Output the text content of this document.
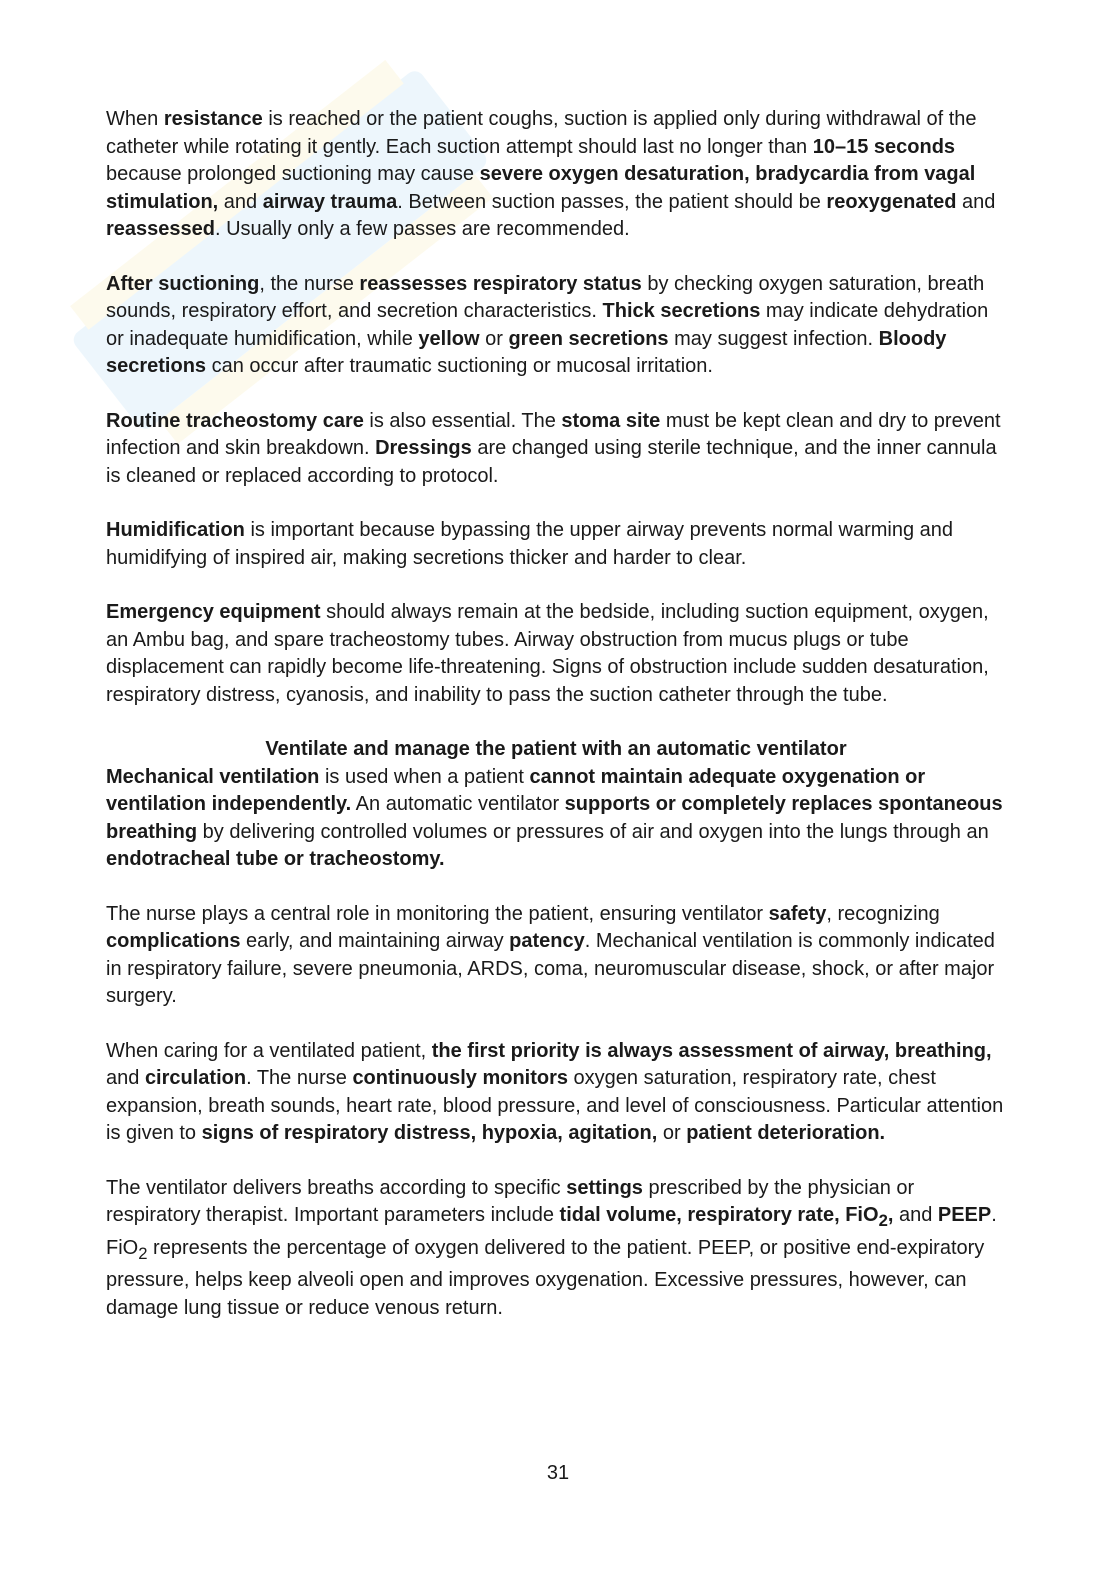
When resistance is reached or the patient coughs, suction is applied only during withdrawal of the catheter while rotating it gently. Each suction attempt should last no longer than 10–15 seconds because prolonged suctioning may cause severe oxygen desaturation, bradycardia from vagal stimulation, and airway trauma. Between suction passes, the patient should be reoxygenated and reassessed. Usually only a few passes are recommended.

After suctioning, the nurse reassesses respiratory status by checking oxygen saturation, breath sounds, respiratory effort, and secretion characteristics. Thick secretions may indicate dehydration or inadequate humidification, while yellow or green secretions may suggest infection. Bloody secretions can occur after traumatic suctioning or mucosal irritation.

Routine tracheostomy care is also essential. The stoma site must be kept clean and dry to prevent infection and skin breakdown. Dressings are changed using sterile technique, and the inner cannula is cleaned or replaced according to protocol.

Humidification is important because bypassing the upper airway prevents normal warming and humidifying of inspired air, making secretions thicker and harder to clear.

Emergency equipment should always remain at the bedside, including suction equipment, oxygen, an Ambu bag, and spare tracheostomy tubes. Airway obstruction from mucus plugs or tube displacement can rapidly become life-threatening. Signs of obstruction include sudden desaturation, respiratory distress, cyanosis, and inability to pass the suction catheter through the tube.

Ventilate and manage the patient with an automatic ventilator

Mechanical ventilation is used when a patient cannot maintain adequate oxygenation or ventilation independently. An automatic ventilator supports or completely replaces spontaneous breathing by delivering controlled volumes or pressures of air and oxygen into the lungs through an endotracheal tube or tracheostomy.

The nurse plays a central role in monitoring the patient, ensuring ventilator safety, recognizing complications early, and maintaining airway patency. Mechanical ventilation is commonly indicated in respiratory failure, severe pneumonia, ARDS, coma, neuromuscular disease, shock, or after major surgery.

When caring for a ventilated patient, the first priority is always assessment of airway, breathing, and circulation. The nurse continuously monitors oxygen saturation, respiratory rate, chest expansion, breath sounds, heart rate, blood pressure, and level of consciousness. Particular attention is given to signs of respiratory distress, hypoxia, agitation, or patient deterioration.

The ventilator delivers breaths according to specific settings prescribed by the physician or respiratory therapist. Important parameters include tidal volume, respiratory rate, FiO$_2$, and PEEP. FiO$_2$ represents the percentage of oxygen delivered to the patient. PEEP, or positive end-expiratory pressure, helps keep alveoli open and improves oxygenation. Excessive pressures, however, can damage lung tissue or reduce venous return.

31
